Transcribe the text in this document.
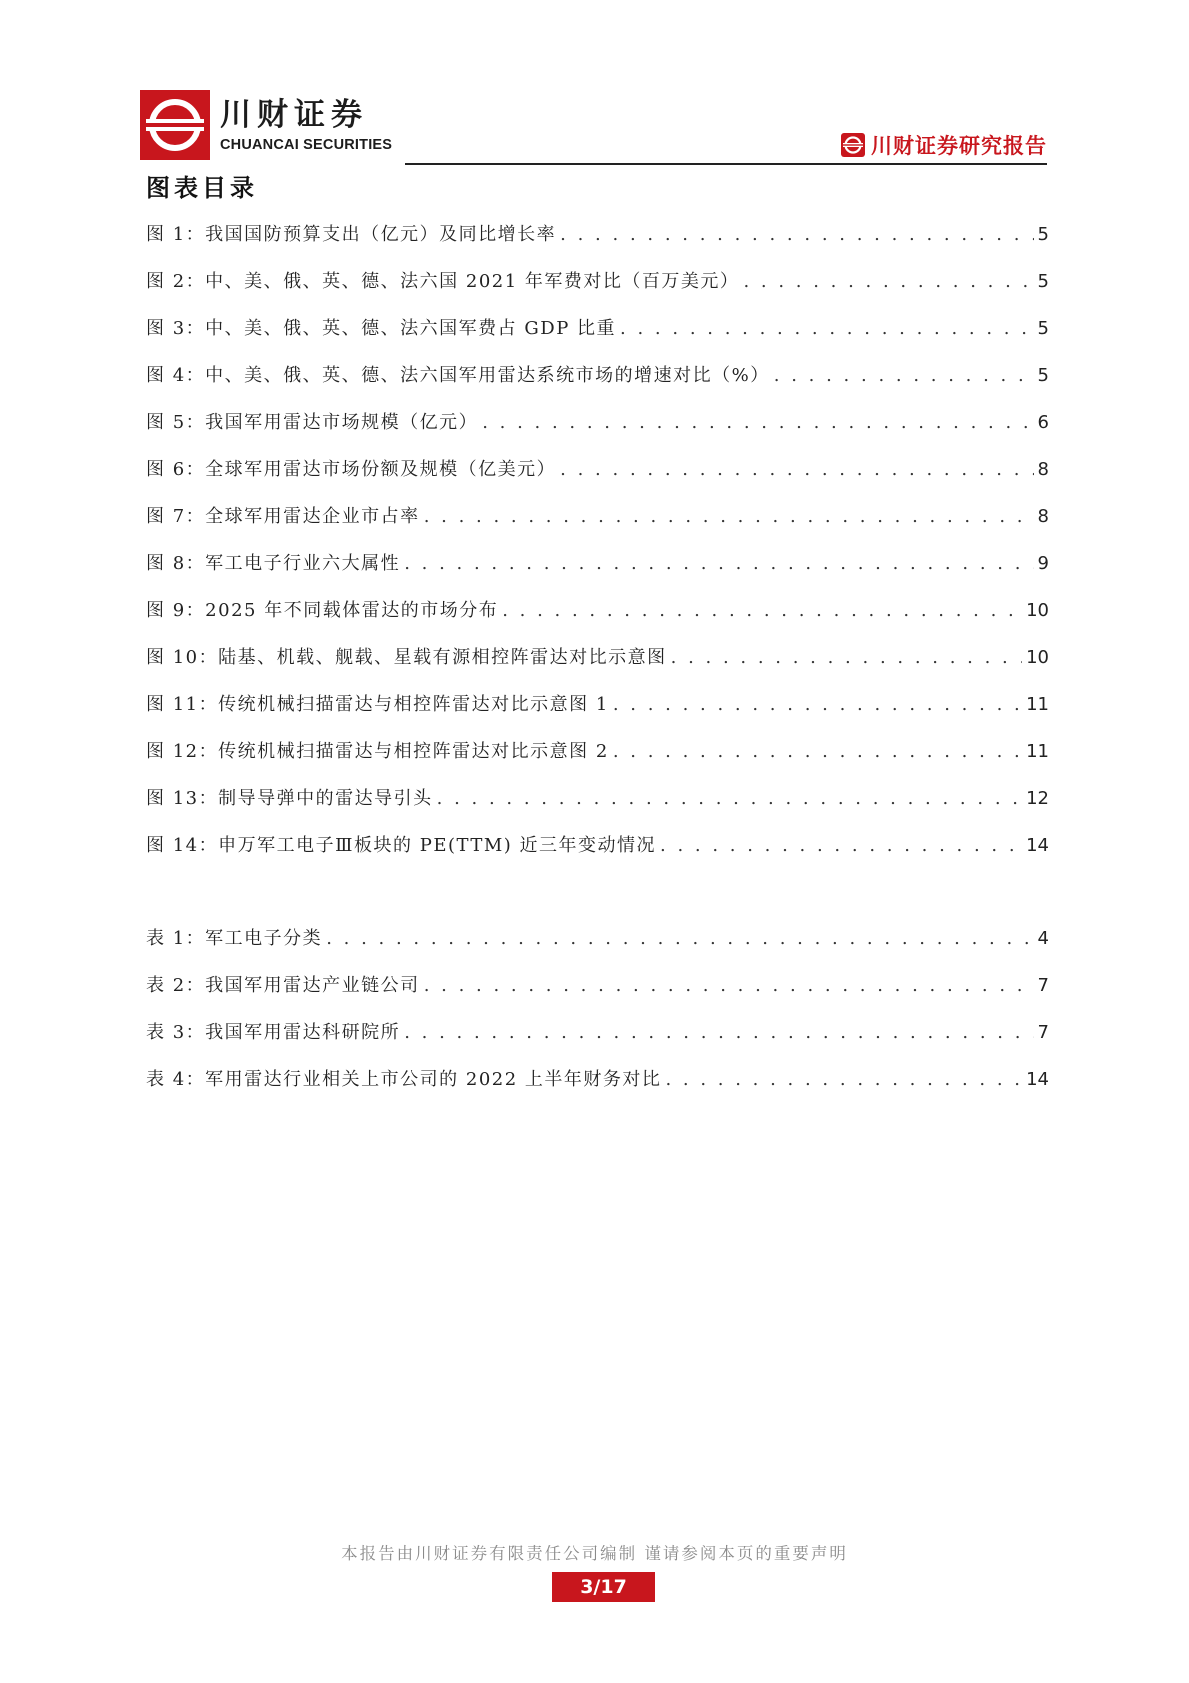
川财证券
CHUANCAI SECURITIES	川财证券研究报告
图表目录
图 1：我国国防预算支出（亿元）及同比增长率 . . .	5
图 2：中、美、俄、英、德、法六国 2021 年军费对比（百万美元） . . .	5
图 3：中、美、俄、英、德、法六国军费占 GDP 比重 . . .	5
图 4：中、美、俄、英、德、法六国军用雷达系统市场的增速对比（%） . . .	5
图 5：我国军用雷达市场规模（亿元） . . .	6
图 6：全球军用雷达市场份额及规模（亿美元） . . .	8
图 7：全球军用雷达企业市占率 . . .	8
图 8：军工电子行业六大属性 . . .	9
图 9：2025 年不同载体雷达的市场分布 . . .	10
图 10：陆基、机载、舰载、星载有源相控阵雷达对比示意图 . . .	10
图 11：传统机械扫描雷达与相控阵雷达对比示意图 1 . . .	11
图 12：传统机械扫描雷达与相控阵雷达对比示意图 2 . . .	11
图 13：制导导弹中的雷达导引头 . . .	12
图 14：申万军工电子Ⅲ板块的 PE(TTM) 近三年变动情况 . . .	14
表 1：军工电子分类 . . .	4
表 2：我国军用雷达产业链公司 . . .	7
表 3：我国军用雷达科研院所 . . .	7
表 4：军用雷达行业相关上市公司的 2022 上半年财务对比 . . .	14
本报告由川财证券有限责任公司编制 谨请参阅本页的重要声明
3/17
